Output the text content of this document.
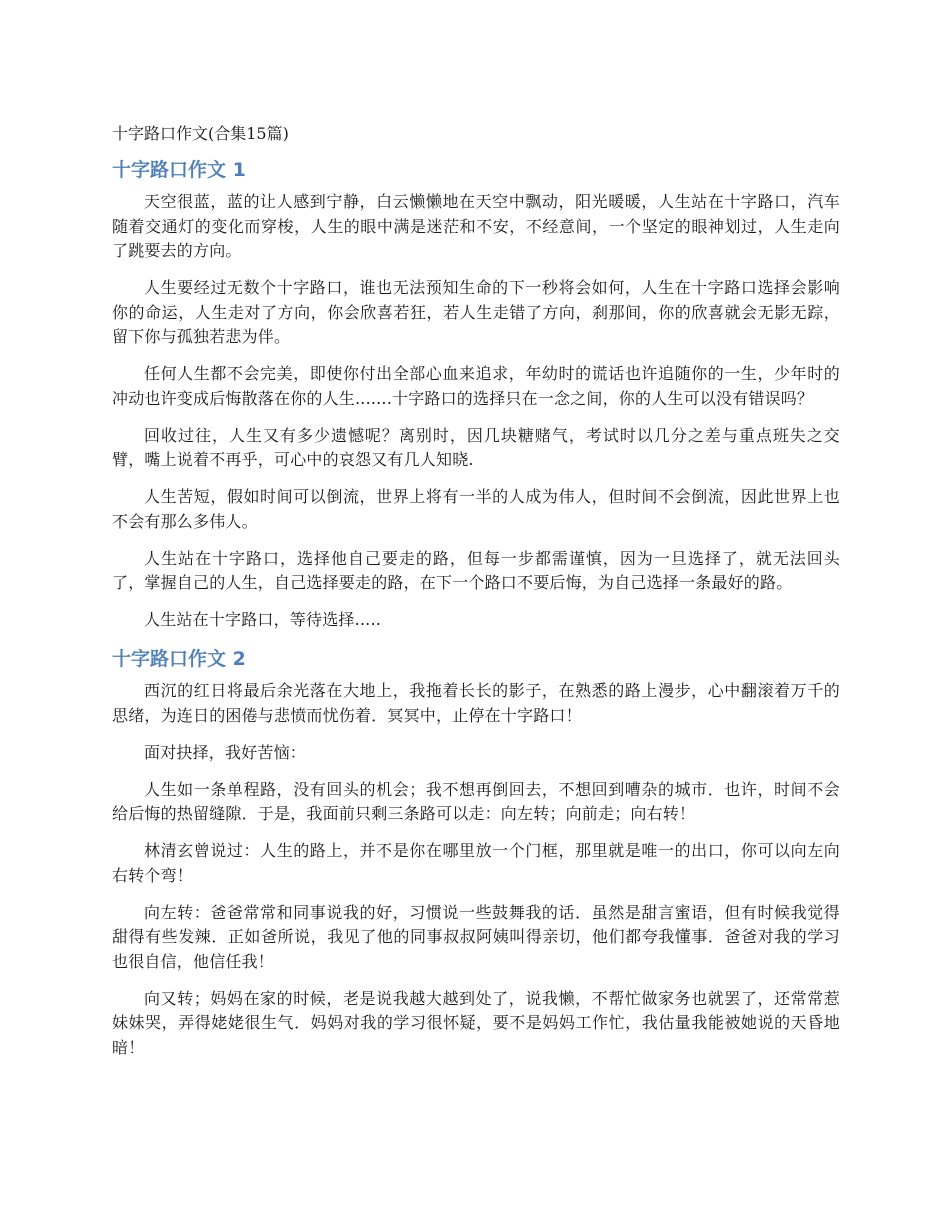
十字路口作文(合集15篇)
十字路口作文 1

天空很蓝，蓝的让人感到宁静，白云懒懒地在天空中飘动，阳光暖暖，人生站在十字路口，汽车随着交通灯的变化而穿梭，人生的眼中满是迷茫和不安，不经意间，一个坚定的眼神划过，人生走向了跳要去的方向。

人生要经过无数个十字路口，谁也无法预知生命的下一秒将会如何，人生在十字路口选择会影响你的命运，人生走对了方向，你会欣喜若狂，若人生走错了方向，刹那间，你的欣喜就会无影无踪，留下你与孤独若悲为伴。

任何人生都不会完美，即使你付出全部心血来追求，年幼时的谎话也许追随你的一生，少年时的冲动也许变成后悔散落在你的人生.......十字路口的选择只在一念之间，你的人生可以没有错误吗？

回收过往，人生又有多少遗憾呢？离别时，因几块糖赌气，考试时以几分之差与重点班失之交臂，嘴上说着不再乎，可心中的哀怨又有几人知晓.

人生苦短，假如时间可以倒流，世界上将有一半的人成为伟人，但时间不会倒流，因此世界上也不会有那么多伟人。

人生站在十字路口，选择他自己要走的路，但每一步都需谨慎，因为一旦选择了，就无法回头了，掌握自己的人生，自己选择要走的路，在下一个路口不要后悔，为自己选择一条最好的路。

人生站在十字路口，等待选择.....

十字路口作文 2

西沉的红日将最后余光落在大地上，我拖着长长的影子，在熟悉的路上漫步，心中翻滚着万千的思绪，为连日的困倦与悲愤而忧伤着．冥冥中，止停在十字路口！

面对抉择，我好苦恼：

人生如一条单程路，没有回头的机会；我不想再倒回去，不想回到嘈杂的城市．也许，时间不会给后悔的热留缝隙．于是，我面前只剩三条路可以走：向左转；向前走；向右转！

林清玄曾说过：人生的路上，并不是你在哪里放一个门框，那里就是唯一的出口，你可以向左向右转个弯！

向左转：爸爸常常和同事说我的好，习惯说一些鼓舞我的话．虽然是甜言蜜语，但有时候我觉得甜得有些发辣．正如爸所说，我见了他的同事叔叔阿姨叫得亲切，他们都夸我懂事．爸爸对我的学习也很自信，他信任我！

向又转；妈妈在家的时候，老是说我越大越到处了，说我懒，不帮忙做家务也就罢了，还常常惹妹妹哭，弄得姥姥很生气．妈妈对我的学习很怀疑，要不是妈妈工作忙，我估量我能被她说的天昏地暗！
